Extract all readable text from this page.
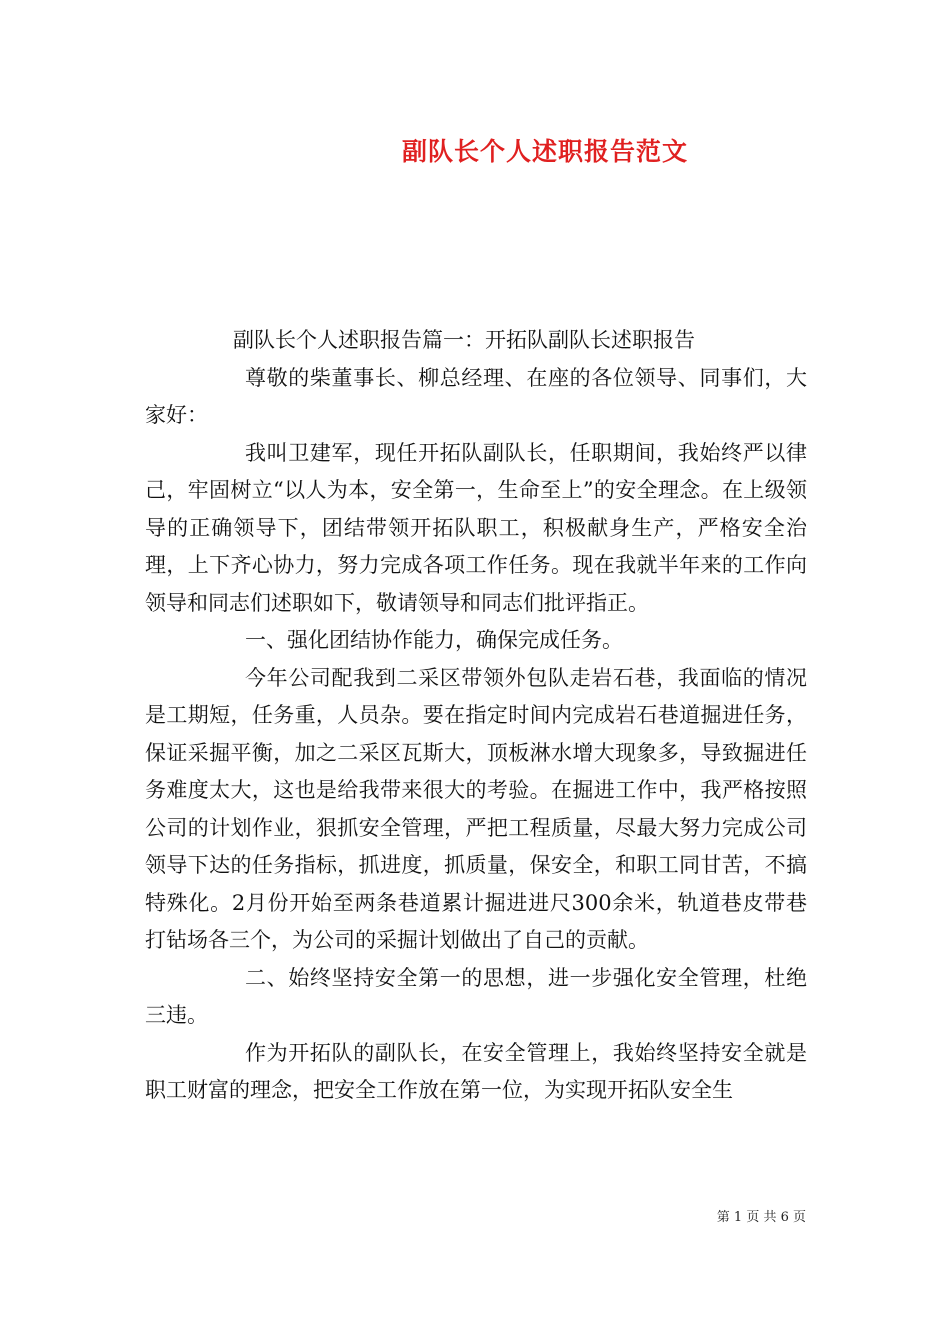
副队长个人述职报告范文

副队长个人述职报告篇一：开拓队副队长述职报告

尊敬的柴董事长、柳总经理、在座的各位领导、同事们，大家好：

我叫卫建军，现任开拓队副队长，任职期间，我始终严以律己，牢固树立“以人为本，安全第一，生命至上”的安全理念。在上级领导的正确领导下，团结带领开拓队职工，积极献身生产，严格安全治理，上下齐心协力，努力完成各项工作任务。现在我就半年来的工作向领导和同志们述职如下，敬请领导和同志们批评指正。

一、强化团结协作能力，确保完成任务。

今年公司配我到二采区带领外包队走岩石巷，我面临的情况是工期短，任务重，人员杂。要在指定时间内完成岩石巷道掘进任务，保证采掘平衡，加之二采区瓦斯大，顶板淋水增大现象多，导致掘进任务难度太大，这也是给我带来很大的考验。在掘进工作中，我严格按照公司的计划作业，狠抓安全管理，严把工程质量，尽最大努力完成公司领导下达的任务指标，抓进度，抓质量，保安全，和职工同甘苦，不搞特殊化。2月份开始至两条巷道累计掘进进尺300余米，轨道巷皮带巷打钻场各三个，为公司的采掘计划做出了自己的贡献。

二、始终坚持安全第一的思想，进一步强化安全管理，杜绝三违。

作为开拓队的副队长，在安全管理上，我始终坚持安全就是职工财富的理念，把安全工作放在第一位，为实现开拓队安全生

第 1 页 共 6 页
